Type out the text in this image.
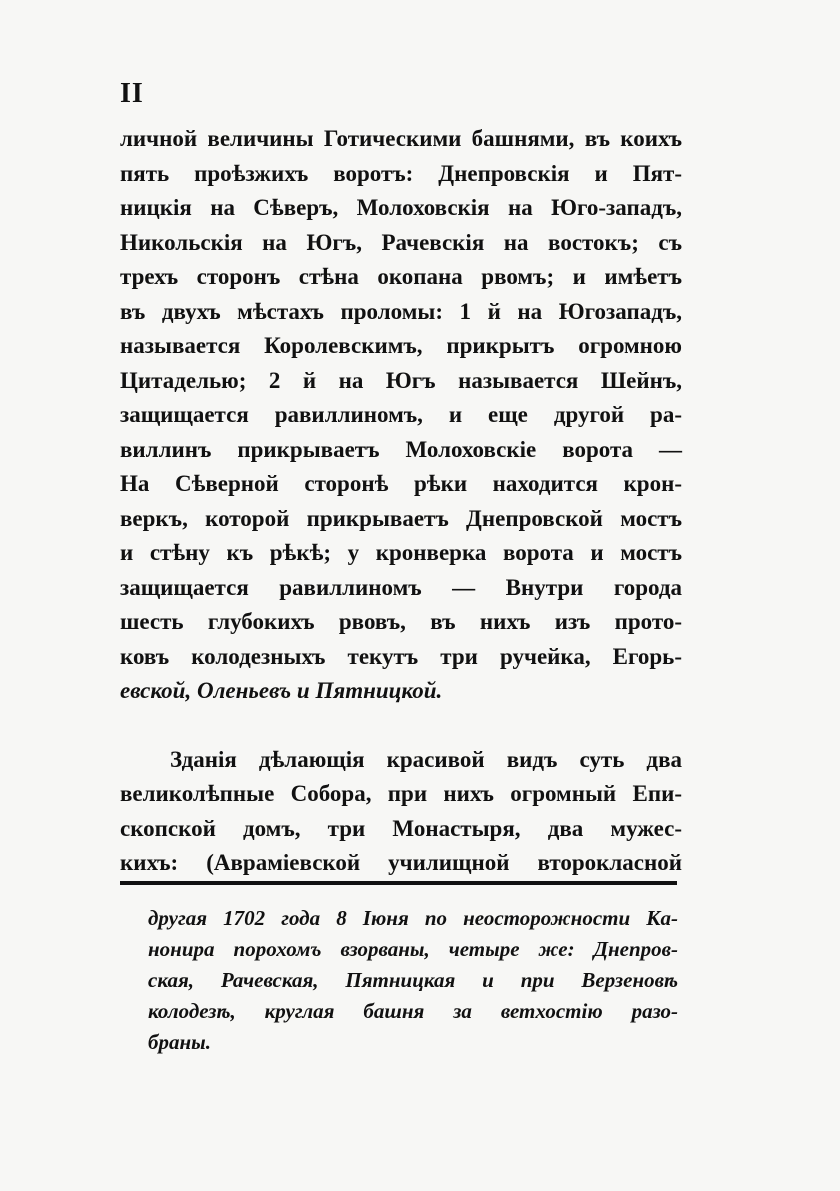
II
личной величины Готическими башнями, въ коихъ
пять проѣзжихъ воротъ: Днепровскія и Пят-
ницкія на Сѣверъ, Молоховскія на Юго-западъ,
Никольскія на Югъ, Рачевскія на востокъ; съ
трехъ сторонъ стѣна окопана рвомъ; и имѣетъ
въ двухъ мѣстахъ проломы: 1 й на Югозападъ,
называется Королевскимъ, прикрытъ огромною
Цитаделью; 2 й на Югъ называется Шейнъ,
защищается равиллиномъ, и еще другой ра-
виллинъ прикрываетъ Молоховскіе ворота —
На Сѣверной сторонѣ рѣки находится крон-
веркъ, которой прикрываетъ Днепровской мостъ
и стѣну къ рѣкѣ; у кронверка ворота и мостъ
защищается равиллиномъ — Внутри города
шесть глубокихъ рвовъ, въ нихъ изъ прото-
ковъ колодезныхъ текутъ три ручейка, Егорь-
евской, Оленьевъ и Пятницкой.
Зданія дѣлающія красивой видъ суть два
великолѣпные Собора, при нихъ огромный Епи-
скопской домъ, три Монастыря, два мужес-
кихъ: (Аврамiевской училищной второкласной
другая 1702 года 8 Іюня по неосторожности Ка-
нонира порохомъ взорваны, четыре же: Днепров-
ская, Рачевская, Пятницкая и при Верзеновѣ
колодезѣ, круглая башня за ветхостію разо-
браны.
